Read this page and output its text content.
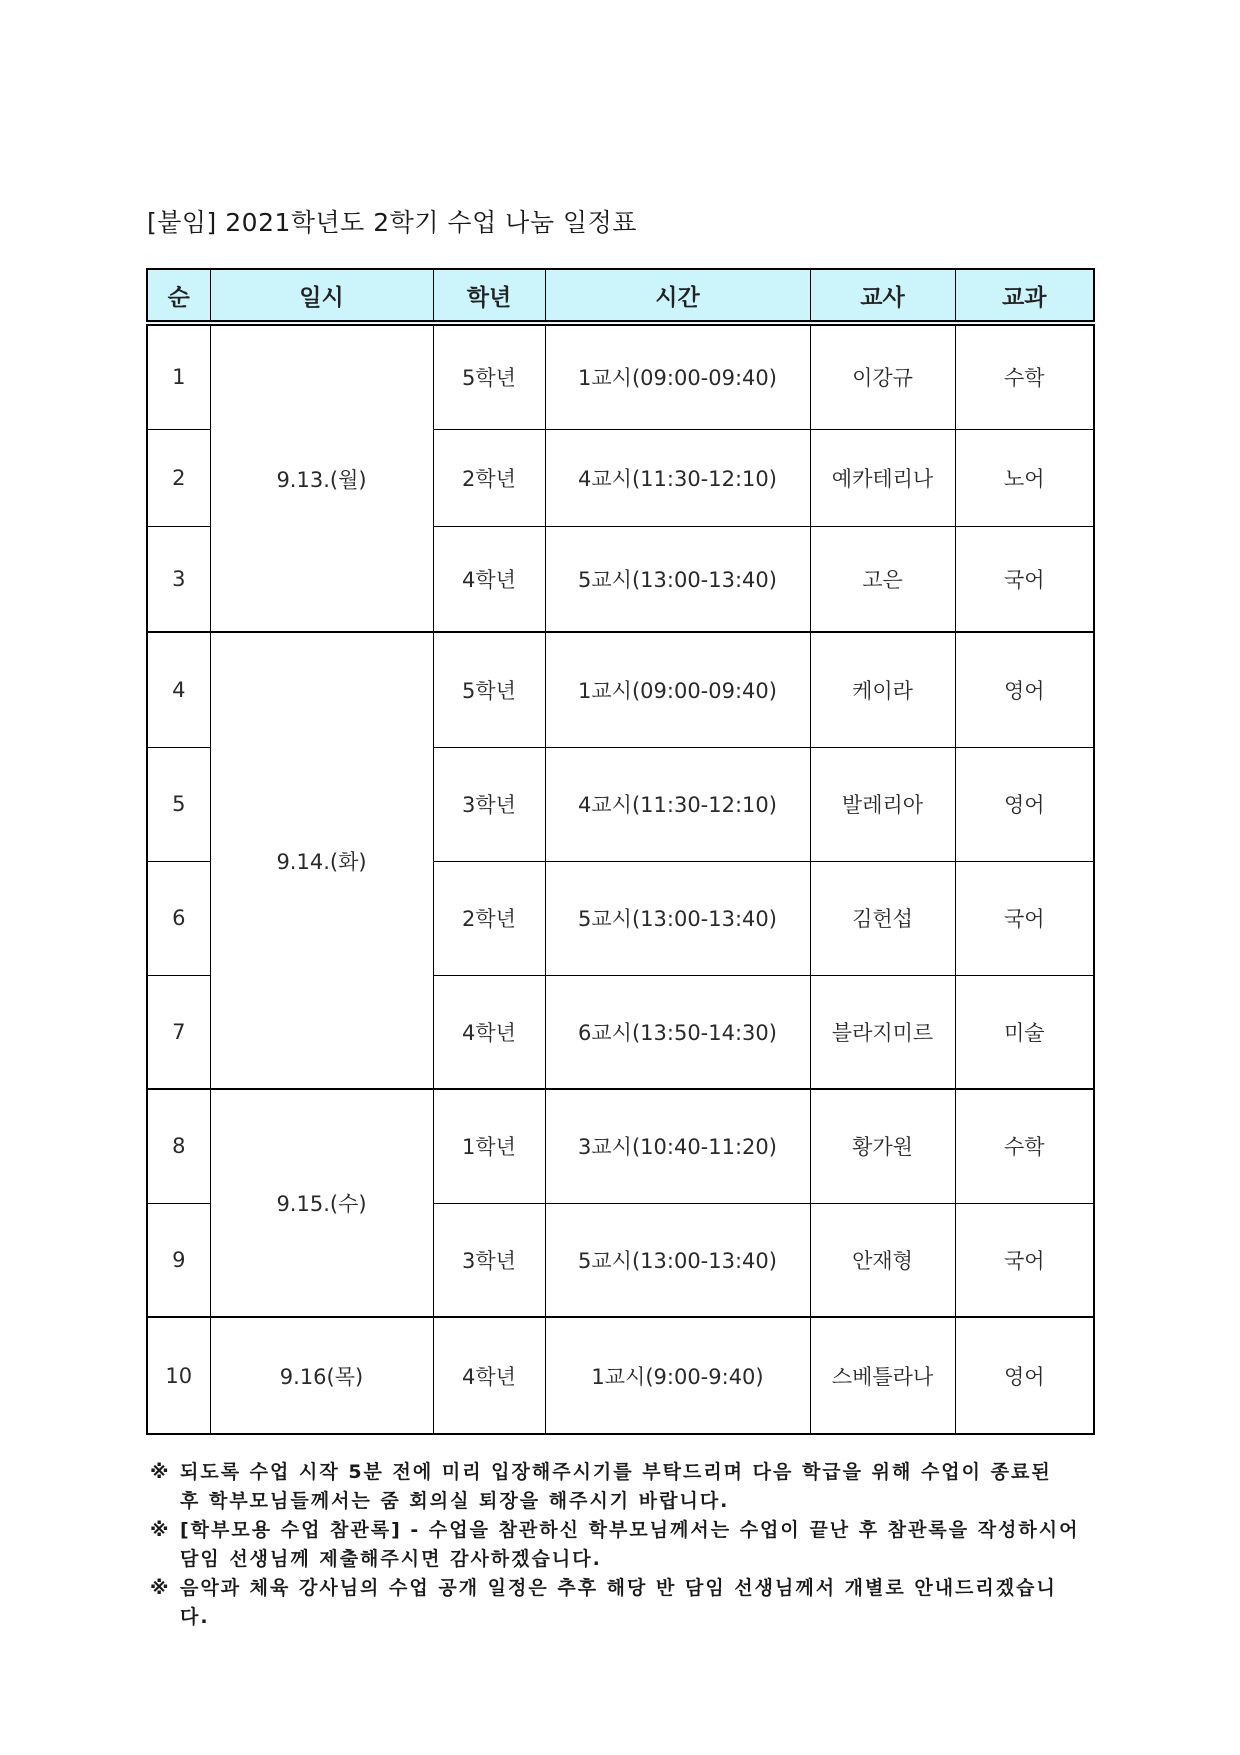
[붙임] 2021학년도 2학기 수업 나눔 일정표
순	일시	학년	시간	교사	교과
1	9.13.(월)	5학년	1교시(09:00-09:40)	이강규	수학
2		2학년	4교시(11:30-12:10)	예카테리나	노어
3		4학년	5교시(13:00-13:40)	고은	국어
4	9.14.(화)	5학년	1교시(09:00-09:40)	케이라	영어
5		3학년	4교시(11:30-12:10)	발레리아	영어
6		2학년	5교시(13:00-13:40)	김헌섭	국어
7		4학년	6교시(13:50-14:30)	블라지미르	미술
8	9.15.(수)	1학년	3교시(10:40-11:20)	황가원	수학
9		3학년	5교시(13:00-13:40)	안재형	국어
10	9.16(목)	4학년	1교시(9:00-9:40)	스베틀라나	영어
※ 되도록 수업 시작 5분 전에 미리 입장해주시기를 부탁드리며 다음 학급을 위해 수업이 종료된 후 학부모님들께서는 줌 회의실 퇴장을 해주시기 바랍니다.
※ [학부모용 수업 참관록] - 수업을 참관하신 학부모님께서는 수업이 끝난 후 참관록을 작성하시어 담임 선생님께 제출해주시면 감사하겠습니다.
※ 음악과 체육 강사님의 수업 공개 일정은 추후 해당 반 담임 선생님께서 개별로 안내드리겠습니다.
